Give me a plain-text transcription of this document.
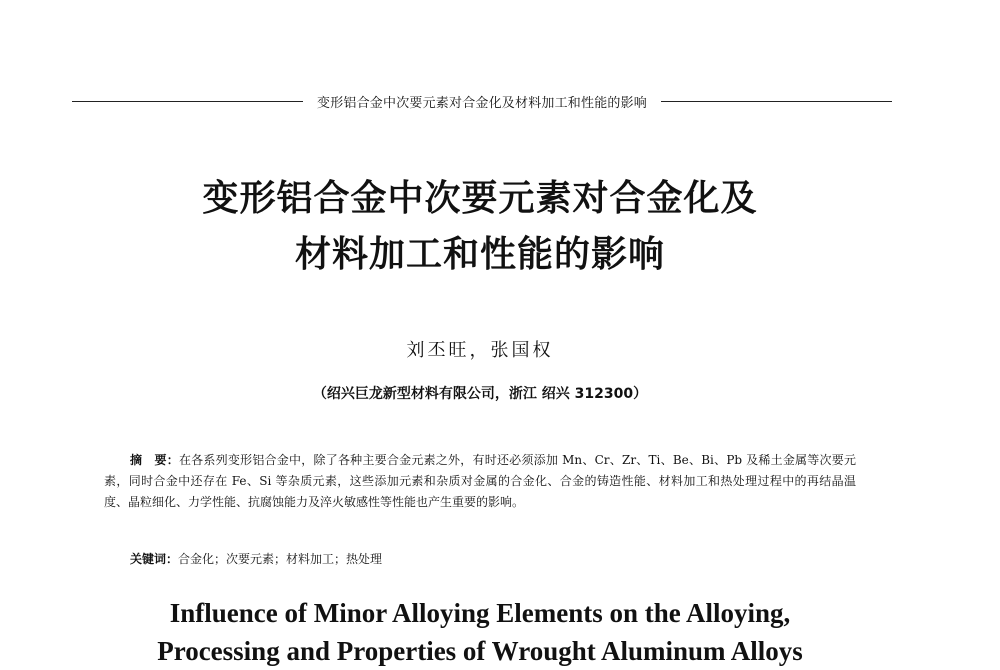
变形铝合金中次要元素对合金化及材料加工和性能的影响
变形铝合金中次要元素对合金化及
材料加工和性能的影响
刘丕旺，张国权
（绍兴巨龙新型材料有限公司，浙江 绍兴 312300）
摘　要：在各系列变形铝合金中，除了各种主要合金元素之外，有时还必须添加 Mn、Cr、Zr、Ti、Be、Bi、Pb 及稀土金属等次要元素，同时合金中还存在 Fe、Si 等杂质元素，这些添加元素和杂质对金属的合金化、合金的铸造性能、材料加工和热处理过程中的再结晶温度、晶粒细化、力学性能、抗腐蚀能力及淬火敏感性等性能也产生重要的影响。
关键词：合金化；次要元素；材料加工；热处理
Influence of Minor Alloying Elements on the Alloying,
Processing and Properties of Wrought Aluminum Alloys
